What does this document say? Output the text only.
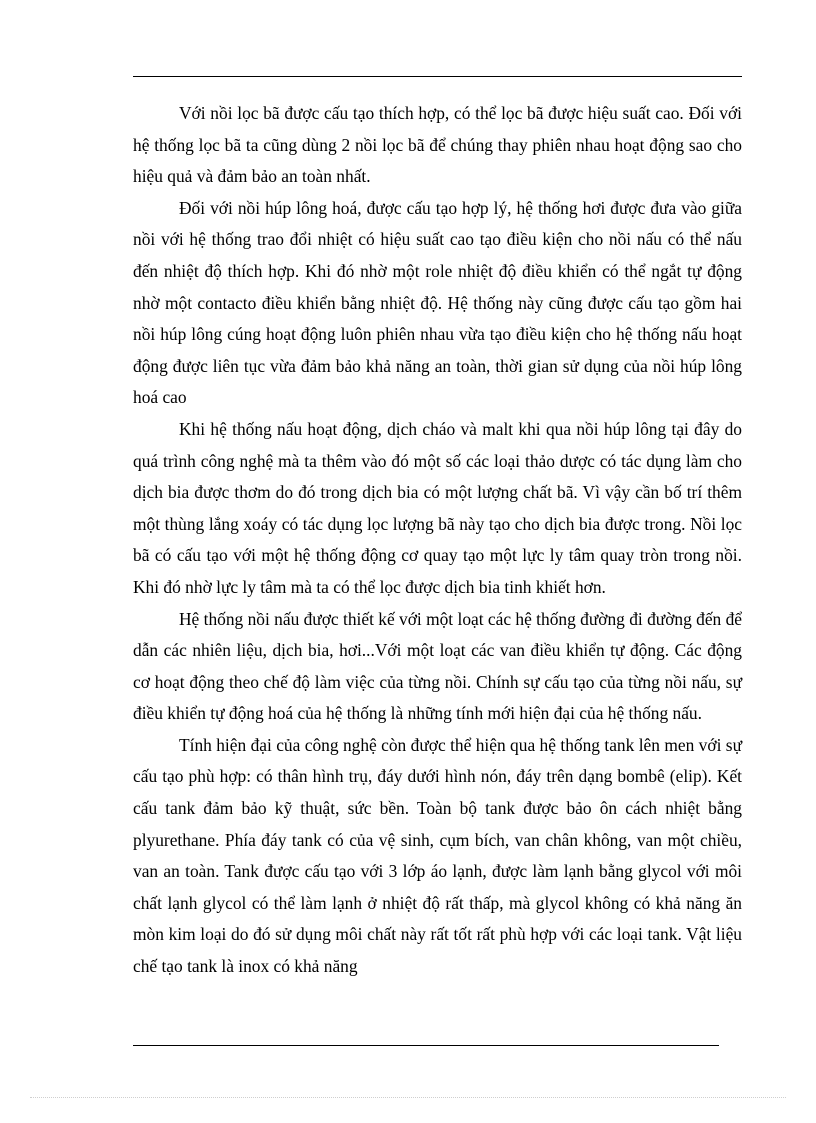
Với nồi lọc bã được cấu tạo thích hợp, có thể lọc bã được hiệu suất cao. Đối với hệ thống lọc bã ta cũng dùng 2 nồi lọc bã để chúng thay phiên nhau hoạt động sao cho hiệu quả và đảm bảo an toàn nhất.

Đối với nồi húp lông hoá, được cấu tạo hợp lý, hệ thống hơi được đưa vào giữa nồi với hệ thống trao đổi nhiệt có hiệu suất cao tạo điều kiện cho nồi nấu có thể nấu đến nhiệt độ thích hợp. Khi đó nhờ một role nhiệt độ điều khiển có thể ngắt tự động nhờ một contacto điều khiển bằng nhiệt độ. Hệ thống này cũng được cấu tạo gồm hai nồi húp lông cúng hoạt động luôn phiên nhau vừa tạo điều kiện cho hệ thống nấu hoạt động được liên tục vừa đảm bảo khả năng an toàn, thời gian sử dụng của nồi húp lông hoá cao

Khi hệ thống nấu hoạt động, dịch cháo và malt khi qua nồi húp lông tại đây do quá trình công nghệ mà ta thêm vào đó một số các loại thảo dược có tác dụng làm cho dịch bia được thơm do đó trong dịch bia có một lượng chất bã. Vì vậy cần bố trí thêm một thùng lắng xoáy có tác dụng lọc lượng bã này tạo cho dịch bia được trong. Nồi lọc bã có cấu tạo với một hệ thống động cơ quay tạo một lực ly tâm quay tròn trong nồi. Khi đó nhờ lực ly tâm mà ta có thể lọc được dịch bia tinh khiết hơn.

Hệ thống nồi nấu được thiết kế với một loạt các hệ thống đường đi đường đến để dẫn các nhiên liệu, dịch bia, hơi...Với một loạt các van điều khiển tự động. Các động cơ hoạt động theo chế độ làm việc của từng nồi. Chính sự cấu tạo của từng nồi nấu, sự điều khiển tự động hoá của hệ thống là những tính mới hiện đại của hệ thống nấu.

Tính hiện đại của công nghệ còn được thể hiện qua hệ thống tank lên men với sự cấu tạo phù hợp: có thân hình trụ, đáy dưới hình nón, đáy trên dạng bombê (elip). Kết cấu tank đảm bảo kỹ thuật, sức bền. Toàn bộ tank được bảo ôn cách nhiệt bằng plyurethane. Phía đáy tank có của vệ sinh, cụm bích, van chân không, van một chiều, van an toàn. Tank được cấu tạo với 3 lớp áo lạnh, được làm lạnh bằng glycol với môi chất lạnh glycol có thể làm lạnh ở nhiệt độ rất thấp, mà glycol không có khả năng ăn mòn kim loại do đó sử dụng môi chất này rất tốt rất phù hợp với các loại tank. Vật liệu chế tạo tank là inox có khả năng
